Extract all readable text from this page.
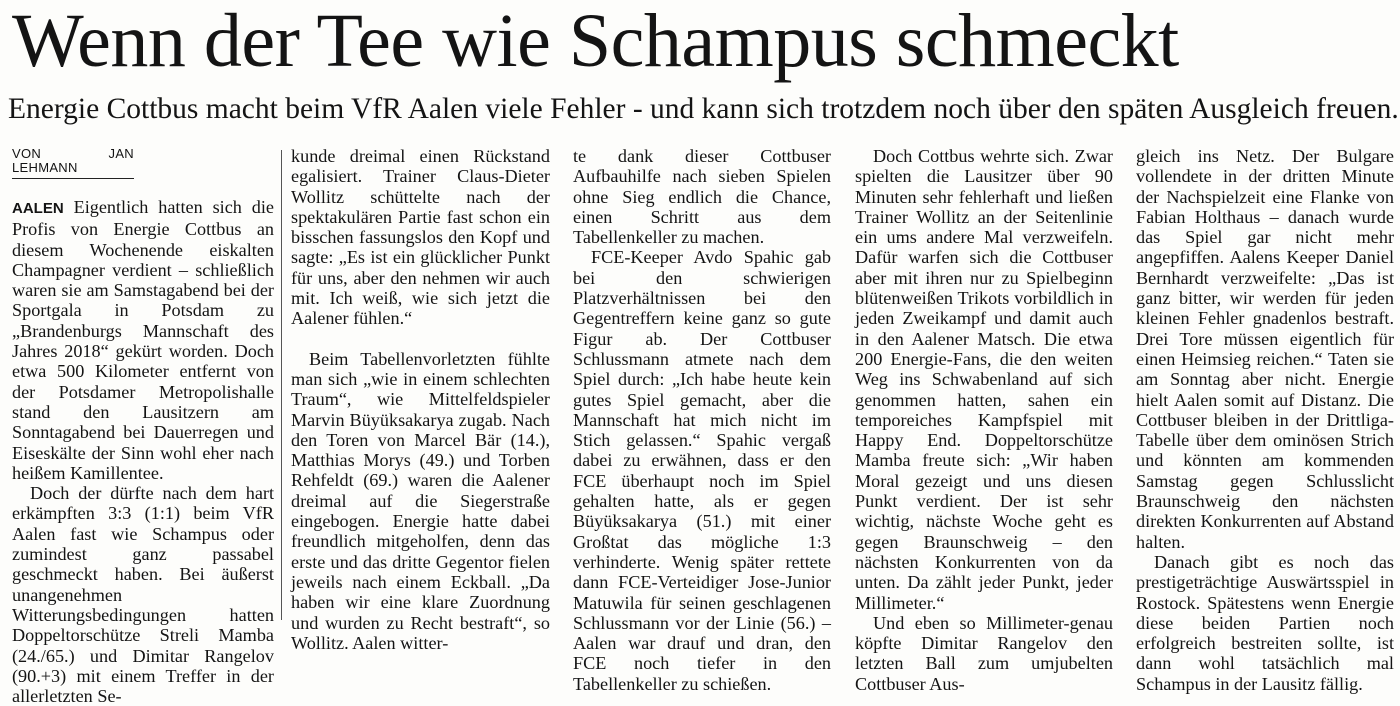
Wenn der Tee wie Schampus schmeckt
Energie Cottbus macht beim VfR Aalen viele Fehler - und kann sich trotzdem noch über den späten Ausgleich freuen.
VON JAN LEHMANN

AALEN Eigentlich hatten sich die Profis von Energie Cottbus an diesem Wochenende eiskalten Champagner verdient – schließlich waren sie am Samstagabend bei der Sportgala in Potsdam zu „Brandenburgs Mannschaft des Jahres 2018“ gekürt worden. Doch etwa 500 Kilometer entfernt von der Potsdamer Metropolishalle stand den Lausitzern am Sonntagabend bei Dauerregen und Eiseskälte der Sinn wohl eher nach heißem Kamillentee.

Doch der dürfte nach dem hart erkämpften 3:3 (1:1) beim VfR Aalen fast wie Schampus oder zumindest ganz passabel geschmeckt haben. Bei äußerst unangenehmen Witterungsbedingungen hatten Doppeltorschütze Streli Mamba (24./65.) und Dimitar Rangelov (90.+3) mit einem Treffer in der allerletzten Se-

kunde dreimal einen Rückstand egalisiert. Trainer Claus-Dieter Wollitz schüttelte nach der spektakulären Partie fast schon ein bisschen fassungslos den Kopf und sagte: „Es ist ein glücklicher Punkt für uns, aber den nehmen wir auch mit. Ich weiß, wie sich jetzt die Aalener fühlen.“

Beim Tabellenvorletzten fühlte man sich „wie in einem schlechten Traum“, wie Mittelfeldspieler Marvin Büyüksakarya zugab. Nach den Toren von Marcel Bär (14.), Matthias Morys (49.) und Torben Rehfeldt (69.) waren die Aalener dreimal auf die Siegerstraße eingebogen. Energie hatte dabei freundlich mitgeholfen, denn das erste und das dritte Gegentor fielen jeweils nach einem Eckball. „Da haben wir eine klare Zuordnung und wurden zu Recht bestraft“, so Wollitz. Aalen witter-

te dank dieser Cottbuser Aufbauhilfe nach sieben Spielen ohne Sieg endlich die Chance, einen Schritt aus dem Tabellenkeller zu machen.

FCE-Keeper Avdo Spahic gab bei den schwierigen Platzverhältnissen bei den Gegentreffern keine ganz so gute Figur ab. Der Cottbuser Schlussmann atmete nach dem Spiel durch: „Ich habe heute kein gutes Spiel gemacht, aber die Mannschaft hat mich nicht im Stich gelassen.“ Spahic vergaß dabei zu erwähnen, dass er den FCE überhaupt noch im Spiel gehalten hatte, als er gegen Büyüksakarya (51.) mit einer Großtat das mögliche 1:3 verhinderte. Wenig später rettete dann FCE-Verteidiger Jose-Junior Matuwila für seinen geschlagenen Schlussmann vor der Linie (56.) – Aalen war drauf und dran, den FCE noch tiefer in den Tabellenkeller zu schießen.

Doch Cottbus wehrte sich. Zwar spielten die Lausitzer über 90 Minuten sehr fehlerhaft und ließen Trainer Wollitz an der Seitenlinie ein ums andere Mal verzweifeln. Dafür warfen sich die Cottbuser aber mit ihren nur zu Spielbeginn blütenweißen Trikots vorbildlich in jeden Zweikampf und damit auch in den Aalener Matsch. Die etwa 200 Energie-Fans, die den weiten Weg ins Schwabenland auf sich genommen hatten, sahen ein temporeiches Kampfspiel mit Happy End. Doppeltorschütze Mamba freute sich: „Wir haben Moral gezeigt und uns diesen Punkt verdient. Der ist sehr wichtig, nächste Woche geht es gegen Braunschweig – den nächsten Konkurrenten von da unten. Da zählt jeder Punkt, jeder Millimeter.“

Und eben so Millimeter-genau köpfte Dimitar Rangelov den letzten Ball zum umjubelten Cottbuser Aus-

gleich ins Netz. Der Bulgare vollendete in der dritten Minute der Nachspielzeit eine Flanke von Fabian Holthaus – danach wurde das Spiel gar nicht mehr angepfiffen. Aalens Keeper Daniel Bernhardt verzweifelte: „Das ist ganz bitter, wir werden für jeden kleinen Fehler gnadenlos bestraft. Drei Tore müssen eigentlich für einen Heimsieg reichen.“ Taten sie am Sonntag aber nicht. Energie hielt Aalen somit auf Distanz. Die Cottbuser bleiben in der Drittliga-Tabelle über dem ominösen Strich und könnten am kommenden Samstag gegen Schlusslicht Braunschweig den nächsten direkten Konkurrenten auf Abstand halten.

Danach gibt es noch das prestigeträchtige Auswärtsspiel in Rostock. Spätestens wenn Energie diese beiden Partien noch erfolgreich bestreiten sollte, ist dann wohl tatsächlich mal Schampus in der Lausitz fällig.
